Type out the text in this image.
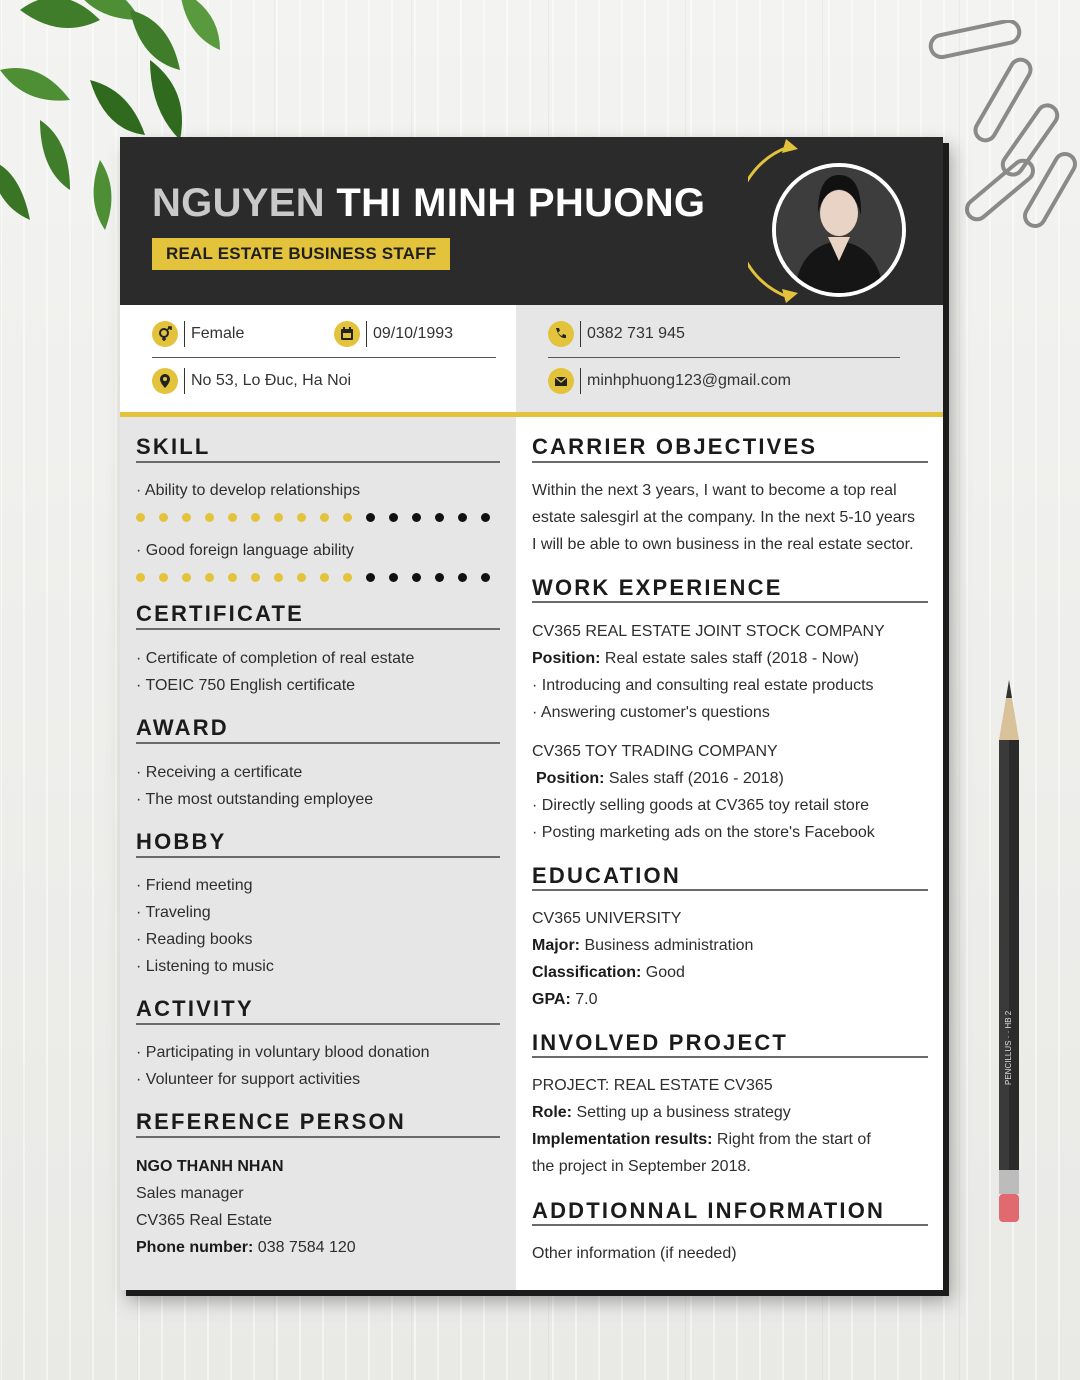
PENCILLUS · · HB 2
NGUYEN THI MINH PHUONG
REAL ESTATE BUSINESS STAFF
Female	09/10/1993
No 53, Lo Đuc, Ha Noi
0382 731 945
minhphuong123@gmail.com
SKILL
· Ability to develop relationships
· Good foreign language ability
CERTIFICATE
· Certificate of completion of real estate
· TOEIC 750 English certificate
AWARD
· Receiving a certificate
· The most outstanding employee
HOBBY
· Friend meeting
· Traveling
· Reading books
· Listening to music
ACTIVITY
· Participating in voluntary blood donation
· Volunteer for support activities
REFERENCE PERSON
NGO THANH NHAN
Sales manager
CV365 Real Estate
Phone number: 038 7584 120
CARRIER OBJECTIVES
Within the next 3 years, I want to become a top real
estate salesgirl at the company. In the next 5-10 years
I will be able to own business in the real estate sector.
WORK EXPERIENCE
CV365 REAL ESTATE JOINT STOCK COMPANY
Position: Real estate sales staff (2018 - Now)
· Introducing and consulting real estate products
· Answering customer's questions
CV365 TOY TRADING COMPANY
Position: Sales staff (2016 - 2018)
· Directly selling goods at CV365 toy retail store
· Posting marketing ads on the store's Facebook
EDUCATION
CV365 UNIVERSITY
Major: Business administration
Classification: Good
GPA: 7.0
INVOLVED PROJECT
PROJECT: REAL ESTATE CV365
Role: Setting up a business strategy
Implementation results: Right from the start of
the project in September 2018.
ADDTIONNAL INFORMATION
Other information (if needed)
